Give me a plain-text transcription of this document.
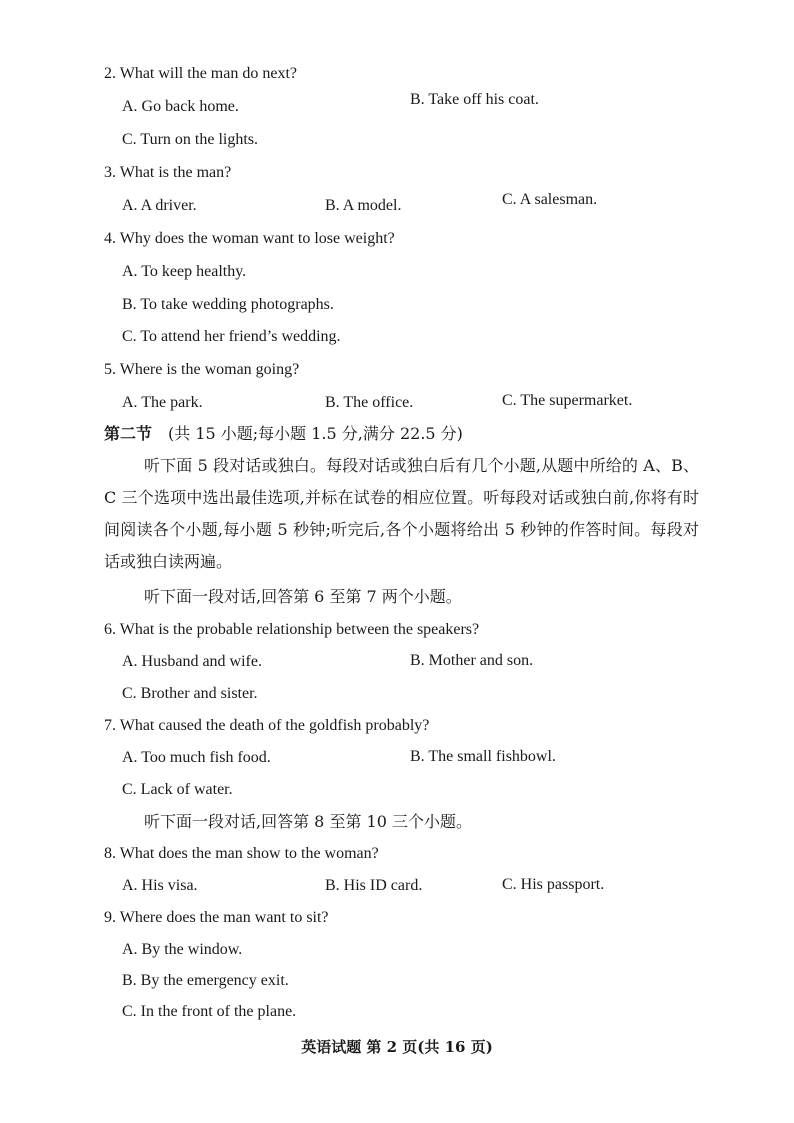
2. What will the man do next?
A. Go back home.	B. Take off his coat.
C. Turn on the lights.
3. What is the man?
A. A driver.	B. A model.	C. A salesman.
4. Why does the woman want to lose weight?
A. To keep healthy.
B. To take wedding photographs.
C. To attend her friend’s wedding.
5. Where is the woman going?
A. The park.	B. The office.	C. The supermarket.
第二节 (共 15 小题;每小题 1.5 分,满分 22.5 分)
听下面 5 段对话或独白。每段对话或独白后有几个小题,从题中所给的 A、B、C 三个选项中选出最佳选项,并标在试卷的相应位置。听每段对话或独白前,你将有时间阅读各个小题,每小题 5 秒钟;听完后,各个小题将给出 5 秒钟的作答时间。每段对话或独白读两遍。
听下面一段对话,回答第 6 至第 7 两个小题。
6. What is the probable relationship between the speakers?
A. Husband and wife.	B. Mother and son.
C. Brother and sister.
7. What caused the death of the goldfish probably?
A. Too much fish food.	B. The small fishbowl.
C. Lack of water.
听下面一段对话,回答第 8 至第 10 三个小题。
8. What does the man show to the woman?
A. His visa.	B. His ID card.	C. His passport.
9. Where does the man want to sit?
A. By the window.
B. By the emergency exit.
C. In the front of the plane.
英语试题 第 2 页(共 16 页)
